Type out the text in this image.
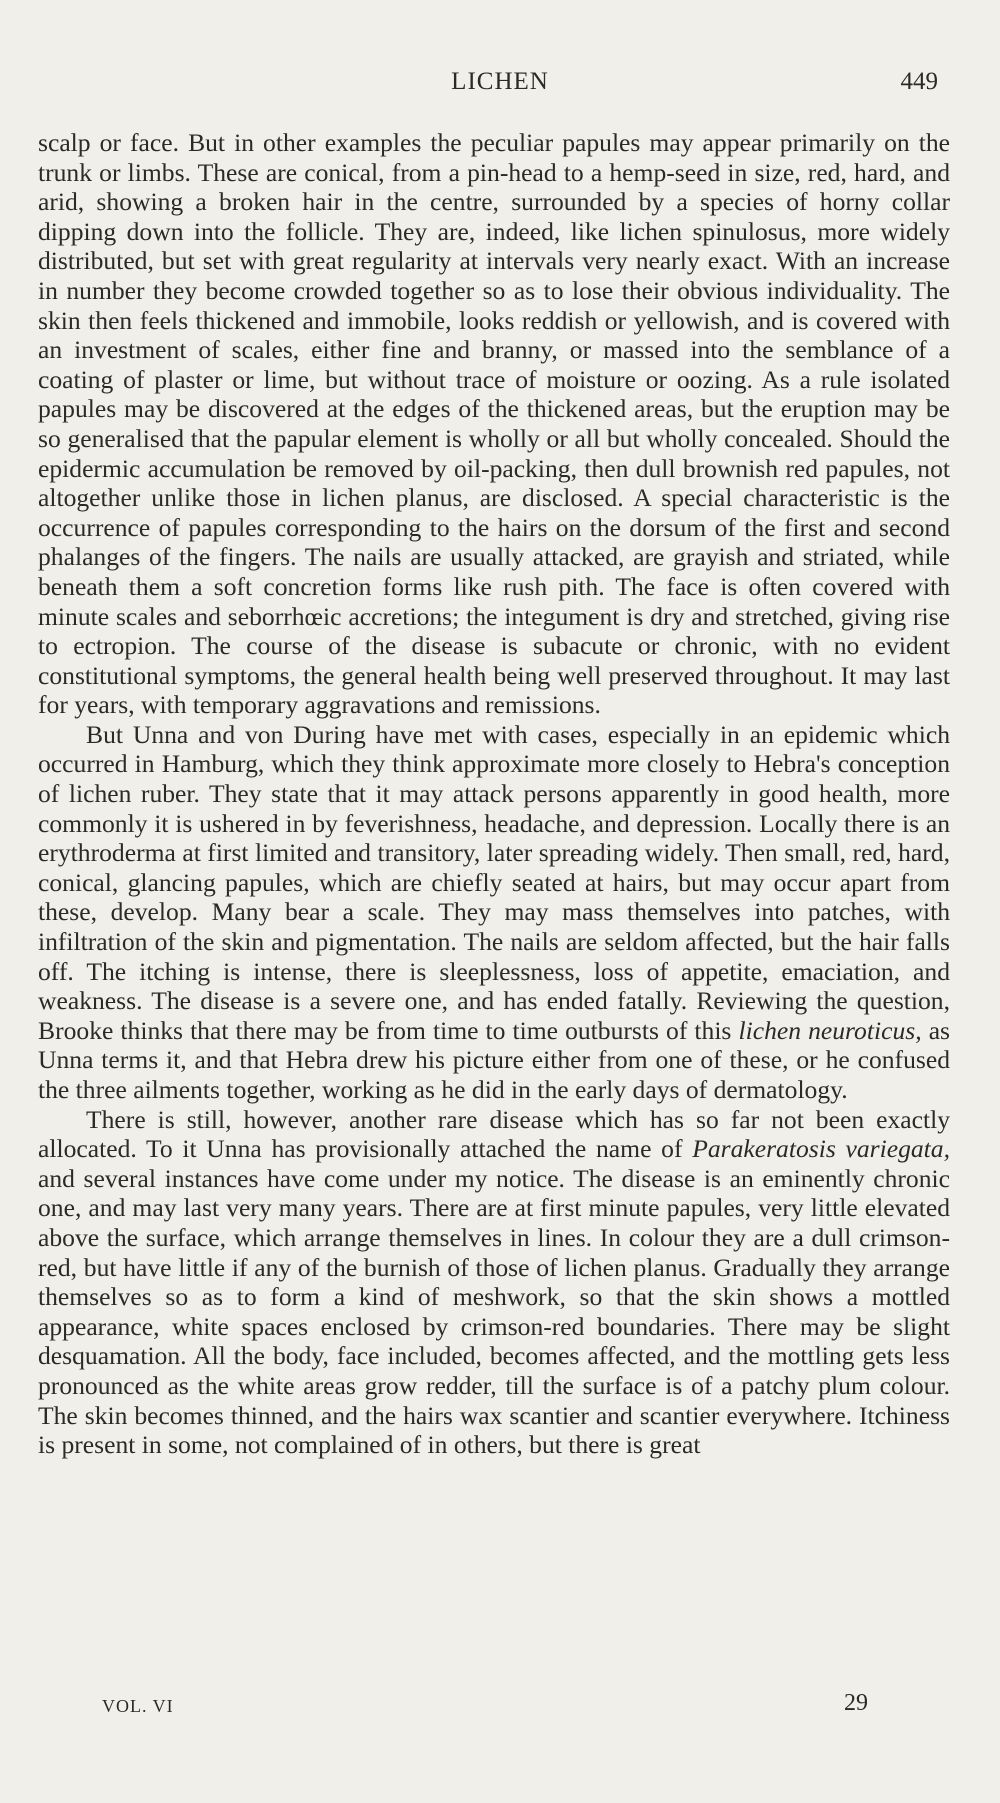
LICHEN	449

scalp or face. But in other examples the peculiar papules may appear primarily on the trunk or limbs. These are conical, from a pin-head to a hemp-seed in size, red, hard, and arid, showing a broken hair in the centre, surrounded by a species of horny collar dipping down into the follicle. They are, indeed, like lichen spinulosus, more widely distributed, but set with great regularity at intervals very nearly exact. With an increase in number they become crowded together so as to lose their obvious individuality. The skin then feels thickened and immobile, looks reddish or yellowish, and is covered with an investment of scales, either fine and branny, or massed into the semblance of a coating of plaster or lime, but without trace of moisture or oozing. As a rule isolated papules may be discovered at the edges of the thickened areas, but the eruption may be so generalised that the papular element is wholly or all but wholly concealed. Should the epidermic accumulation be removed by oil-packing, then dull brownish red papules, not altogether unlike those in lichen planus, are disclosed. A special characteristic is the occurrence of papules corresponding to the hairs on the dorsum of the first and second phalanges of the fingers. The nails are usually attacked, are grayish and striated, while beneath them a soft concretion forms like rush pith. The face is often covered with minute scales and seborrhœic accretions; the integument is dry and stretched, giving rise to ectropion. The course of the disease is subacute or chronic, with no evident constitutional symptoms, the general health being well preserved throughout. It may last for years, with temporary aggravations and remissions.

But Unna and von During have met with cases, especially in an epidemic which occurred in Hamburg, which they think approximate more closely to Hebra's conception of lichen ruber. They state that it may attack persons apparently in good health, more commonly it is ushered in by feverishness, headache, and depression. Locally there is an erythroderma at first limited and transitory, later spreading widely. Then small, red, hard, conical, glancing papules, which are chiefly seated at hairs, but may occur apart from these, develop. Many bear a scale. They may mass themselves into patches, with infiltration of the skin and pigmentation. The nails are seldom affected, but the hair falls off. The itching is intense, there is sleeplessness, loss of appetite, emaciation, and weakness. The disease is a severe one, and has ended fatally. Reviewing the question, Brooke thinks that there may be from time to time outbursts of this lichen neuroticus, as Unna terms it, and that Hebra drew his picture either from one of these, or he confused the three ailments together, working as he did in the early days of dermatology.

There is still, however, another rare disease which has so far not been exactly allocated. To it Unna has provisionally attached the name of Parakeratosis variegata, and several instances have come under my notice. The disease is an eminently chronic one, and may last very many years. There are at first minute papules, very little elevated above the surface, which arrange themselves in lines. In colour they are a dull crimson-red, but have little if any of the burnish of those of lichen planus. Gradually they arrange themselves so as to form a kind of meshwork, so that the skin shows a mottled appearance, white spaces enclosed by crimson-red boundaries. There may be slight desquamation. All the body, face included, becomes affected, and the mottling gets less pronounced as the white areas grow redder, till the surface is of a patchy plum colour. The skin becomes thinned, and the hairs wax scantier and scantier everywhere. Itchiness is present in some, not complained of in others, but there is great

VOL. VI	29
